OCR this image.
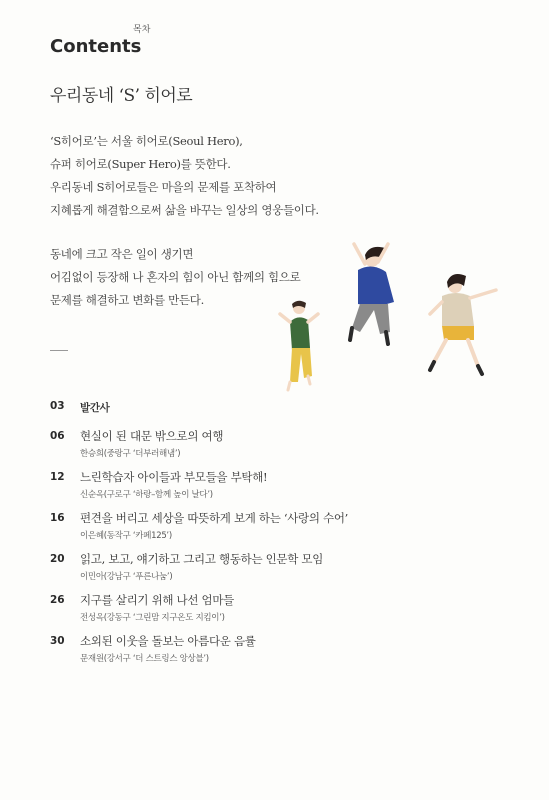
Contents
목차
우리동네 ‘S’ 히어로

‘S히어로’는 서울 히어로(Seoul Hero),

슈퍼 히어로(Super Hero)를 뜻한다.

우리동네 S히어로들은 마을의 문제를 포착하여

지혜롭게 해결함으로써 삶을 바꾸는 일상의 영웅들이다.

동네에 크고 작은 일이 생기면

어김없이 등장해 나 혼자의 힘이 아닌 함께의 힘으로

문제를 해결하고 변화를 만든다.

03	발간사
06	현실이 된 대문 밖으로의 여행
한승희(중랑구 ‘더부러해냄’)
12	느린학습자 아이들과 부모들을 부탁해!
신순옥(구로구 ‘하랑–함께 높이 날다’)
16	편견을 버리고 세상을 따뜻하게 보게 하는 ‘사랑의 수어’
이은혜(동작구 ‘카페125’)
20	읽고, 보고, 얘기하고 그리고 행동하는 인문학 모임
이민아(강남구 ‘푸른나눔’)
26	지구를 살리기 위해 나선 엄마들
전성옥(강동구 ‘그린맘 지구온도 지킴이’)
30	소외된 이웃을 돌보는 아름다운 음률
문재원(강서구 ‘더 스트링스 앙상블’)
